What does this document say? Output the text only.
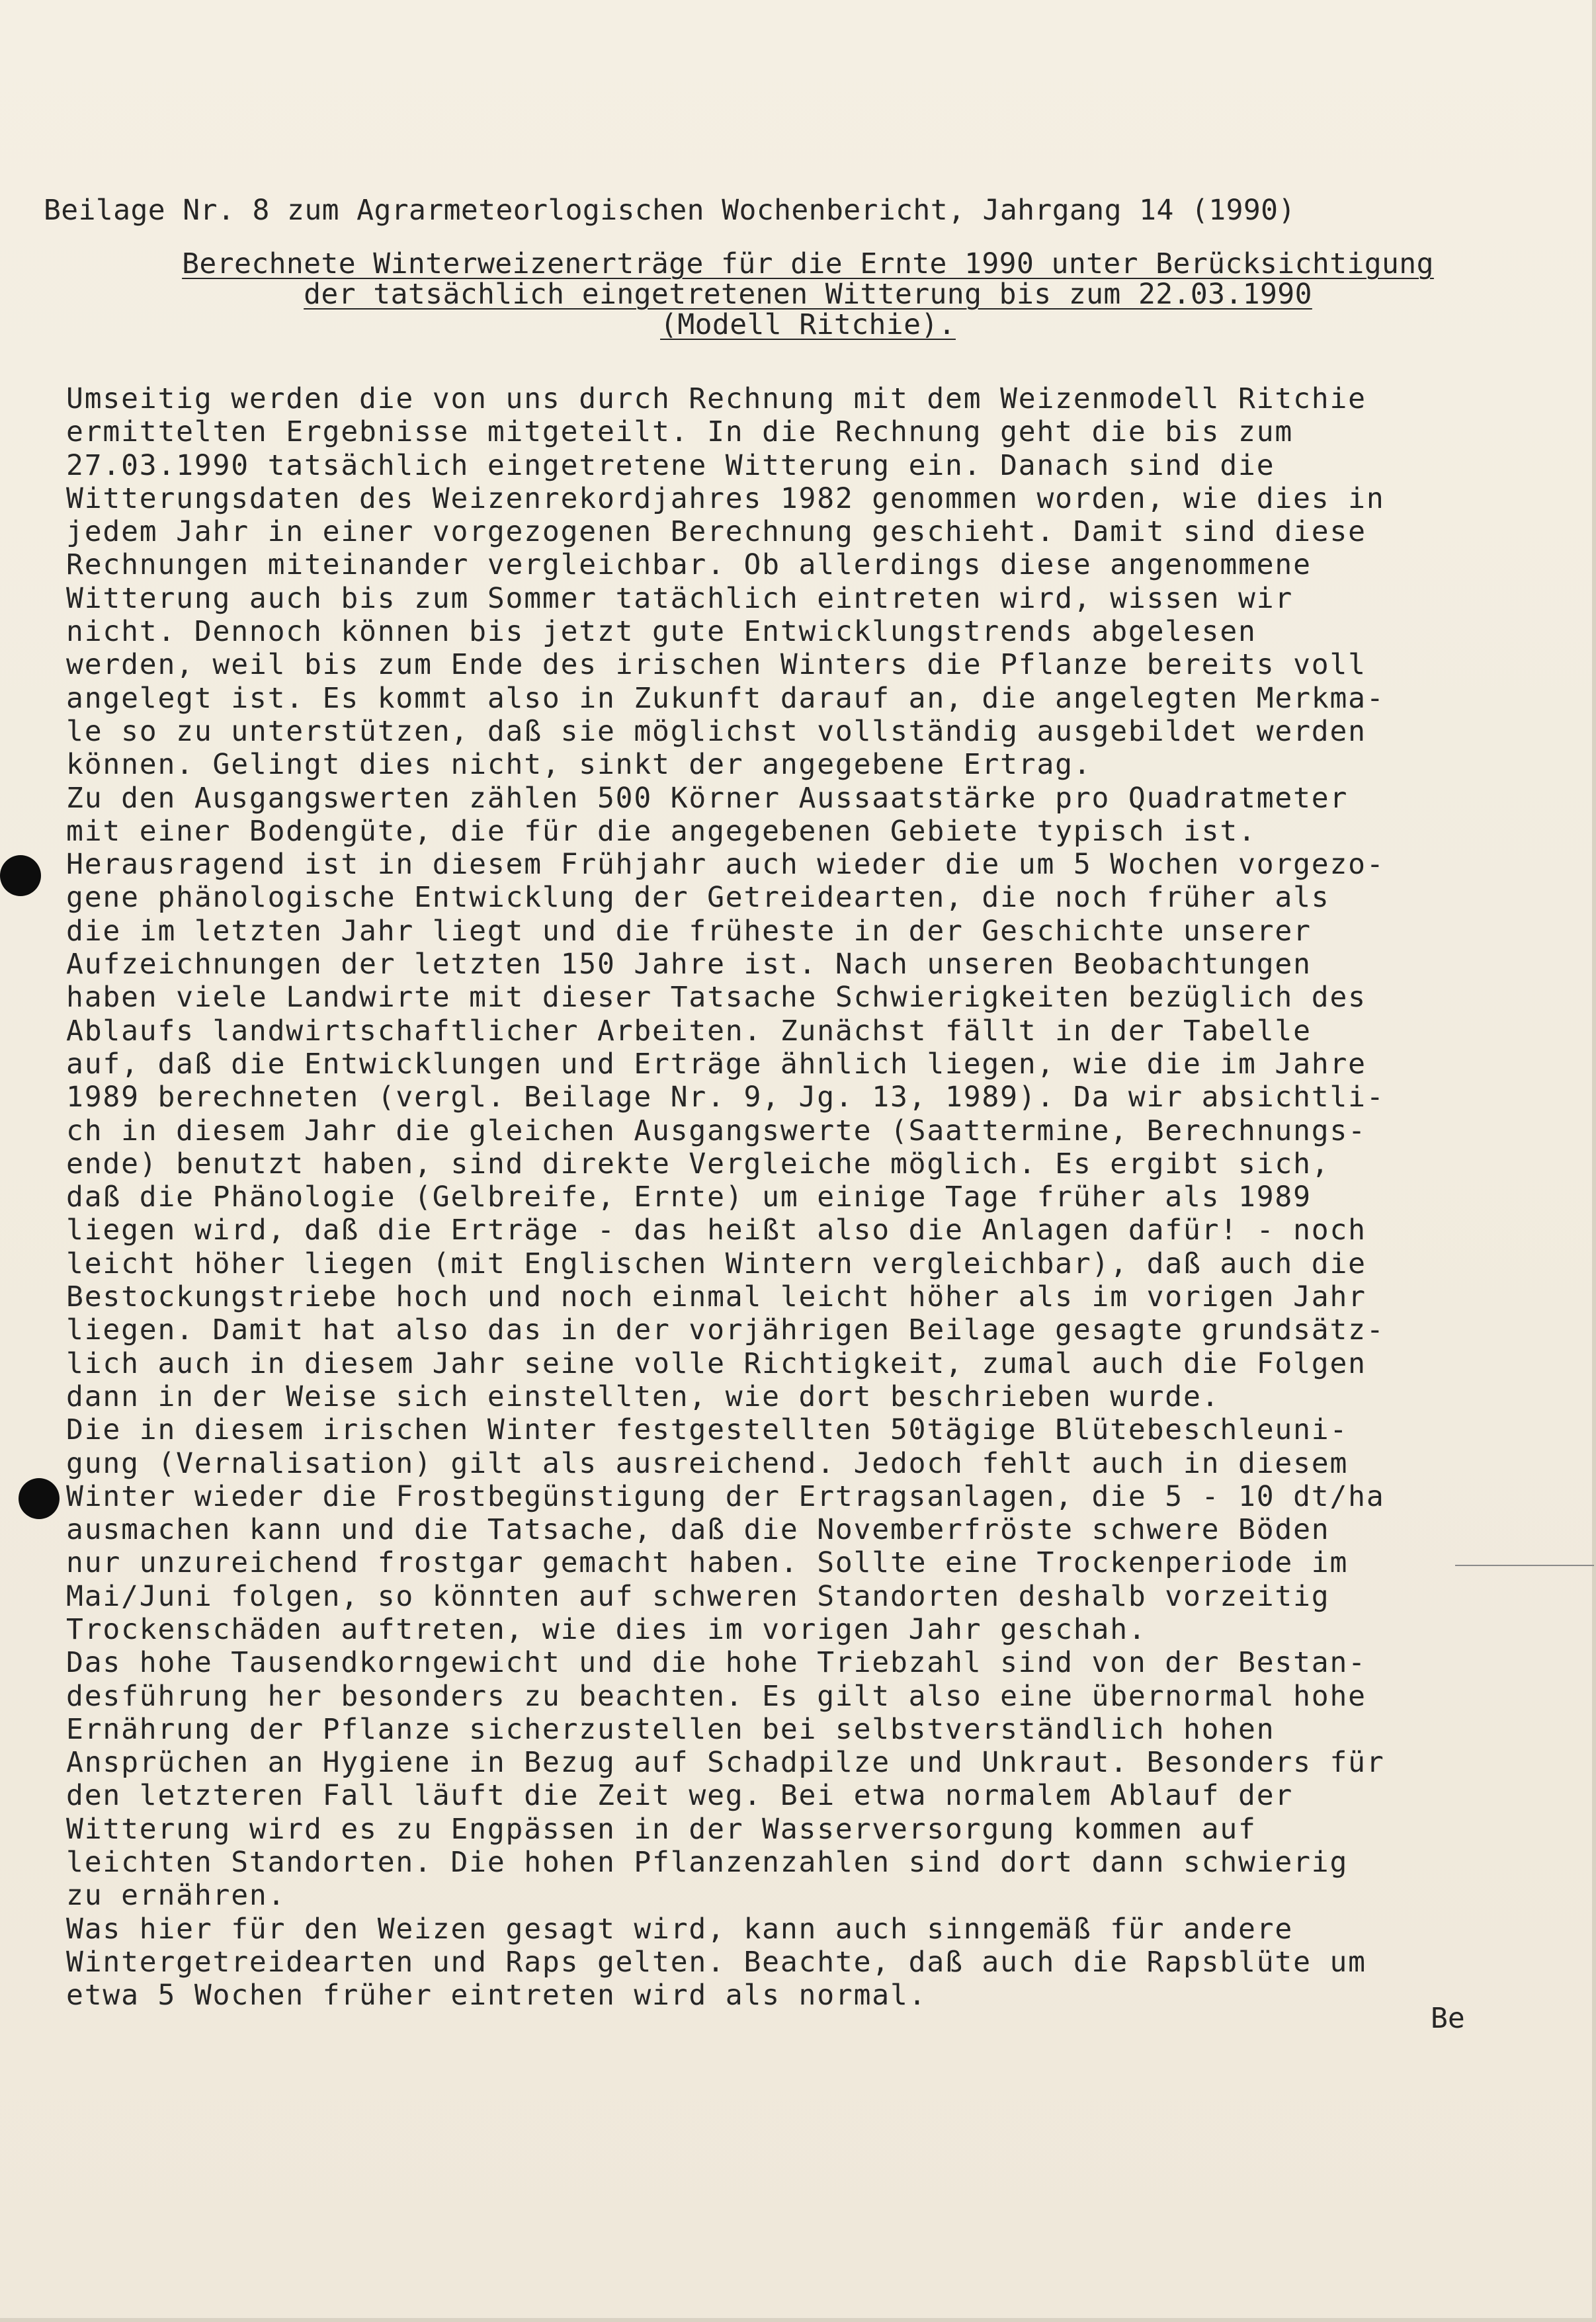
Beilage Nr. 8 zum Agrarmeteorlogischen Wochenbericht, Jahrgang 14 (1990)
Berechnete Winterweizenerträge für die Ernte 1990 unter Berücksichtigung
der tatsächlich eingetretenen Witterung bis zum 22.03.1990
(Modell Ritchie).
Umseitig werden die von uns durch Rechnung mit dem Weizenmodell Ritchie
ermittelten Ergebnisse mitgeteilt. In die Rechnung geht die bis zum
27.03.1990 tatsächlich eingetretene Witterung ein. Danach sind die
Witterungsdaten des Weizenrekordjahres 1982 genommen worden, wie dies in
jedem Jahr in einer vorgezogenen Berechnung geschieht. Damit sind diese
Rechnungen miteinander vergleichbar. Ob allerdings diese angenommene
Witterung auch bis zum Sommer tatächlich eintreten wird, wissen wir
nicht. Dennoch können bis jetzt gute Entwicklungstrends abgelesen
werden, weil bis zum Ende des irischen Winters die Pflanze bereits voll
angelegt ist. Es kommt also in Zukunft darauf an, die angelegten Merkma-
le so zu unterstützen, daß sie möglichst vollständig ausgebildet werden
können. Gelingt dies nicht, sinkt der angegebene Ertrag.
Zu den Ausgangswerten zählen 500 Körner Aussaatstärke pro Quadratmeter
mit einer Bodengüte, die für die angegebenen Gebiete typisch ist.
Herausragend ist in diesem Frühjahr auch wieder die um 5 Wochen vorgezo-
gene phänologische Entwicklung der Getreidearten, die noch früher als
die im letzten Jahr liegt und die früheste in der Geschichte unserer
Aufzeichnungen der letzten 150 Jahre ist. Nach unseren Beobachtungen
haben viele Landwirte mit dieser Tatsache Schwierigkeiten bezüglich des
Ablaufs landwirtschaftlicher Arbeiten. Zunächst fällt in der Tabelle
auf, daß die Entwicklungen und Erträge ähnlich liegen, wie die im Jahre
1989 berechneten (vergl. Beilage Nr. 9, Jg. 13, 1989). Da wir absichtli-
ch in diesem Jahr die gleichen Ausgangswerte (Saattermine, Berechnungs-
ende) benutzt haben, sind direkte Vergleiche möglich. Es ergibt sich,
daß die Phänologie (Gelbreife, Ernte) um einige Tage früher als 1989
liegen wird, daß die Erträge - das heißt also die Anlagen dafür! - noch
leicht höher liegen (mit Englischen Wintern vergleichbar), daß auch die
Bestockungstriebe hoch und noch einmal leicht höher als im vorigen Jahr
liegen. Damit hat also das in der vorjährigen Beilage gesagte grundsätz-
lich auch in diesem Jahr seine volle Richtigkeit, zumal auch die Folgen
dann in der Weise sich einstellten, wie dort beschrieben wurde.
Die in diesem irischen Winter festgestellten 50tägige Blütebeschleuni-
gung (Vernalisation) gilt als ausreichend. Jedoch fehlt auch in diesem
Winter wieder die Frostbegünstigung der Ertragsanlagen, die 5 - 10 dt/ha
ausmachen kann und die Tatsache, daß die Novemberfröste schwere Böden
nur unzureichend frostgar gemacht haben. Sollte eine Trockenperiode im
Mai/Juni folgen, so könnten auf schweren Standorten deshalb vorzeitig
Trockenschäden auftreten, wie dies im vorigen Jahr geschah.
Das hohe Tausendkorngewicht und die hohe Triebzahl sind von der Bestan-
desführung her besonders zu beachten. Es gilt also eine übernormal hohe
Ernährung der Pflanze sicherzustellen bei selbstverständlich hohen
Ansprüchen an Hygiene in Bezug auf Schadpilze und Unkraut. Besonders für
den letzteren Fall läuft die Zeit weg. Bei etwa normalem Ablauf der
Witterung wird es zu Engpässen in der Wasserversorgung kommen auf
leichten Standorten. Die hohen Pflanzenzahlen sind dort dann schwierig
zu ernähren.
Was hier für den Weizen gesagt wird, kann auch sinngemäß für andere
Wintergetreidearten und Raps gelten. Beachte, daß auch die Rapsblüte um
etwa 5 Wochen früher eintreten wird als normal.
Be
